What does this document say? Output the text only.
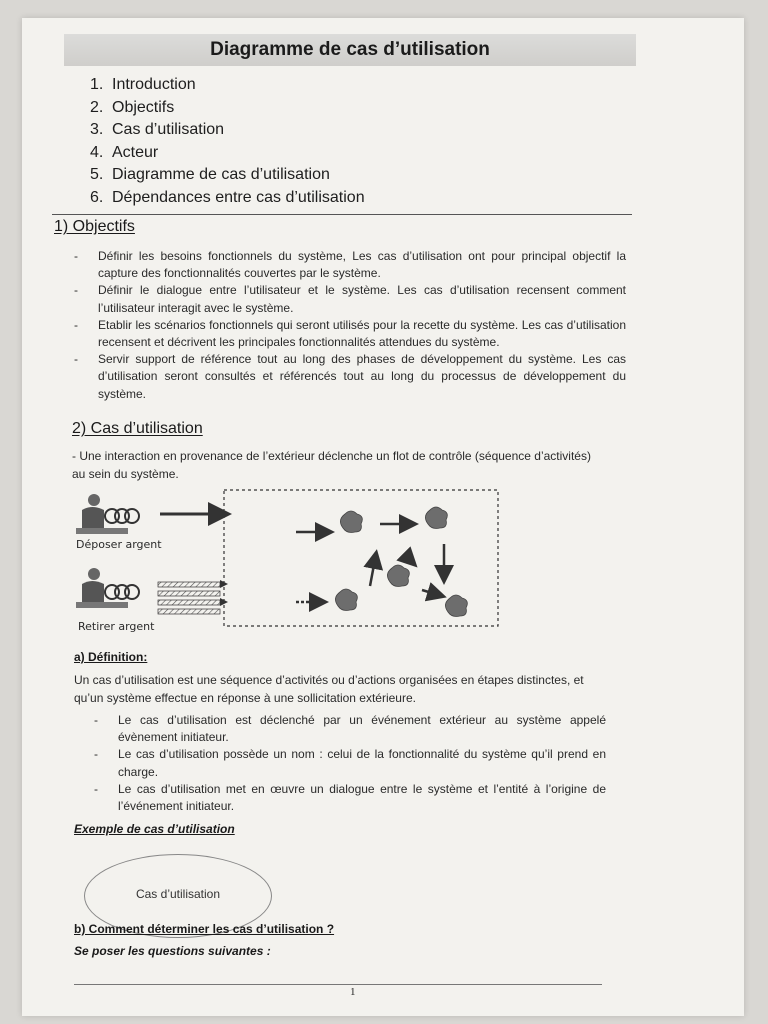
Diagramme de cas d’utilisation
1. Introduction
2. Objectifs
3. Cas d’utilisation
4. Acteur
5. Diagramme de cas d’utilisation
6. Dépendances entre cas d’utilisation
1) Objectifs
- Définir les besoins fonctionnels du système, Les cas d’utilisation ont pour principal objectif la capture des fonctionnalités couvertes par le système.
- Définir le dialogue entre l’utilisateur et le système. Les cas d’utilisation recensent comment l’utilisateur interagit avec le système.
- Etablir les scénarios fonctionnels qui seront utilisés pour la recette du système. Les cas d’utilisation recensent et décrivent les principales fonctionnalités attendues du système.
- Servir support de référence tout au long des phases de développement du système. Les cas d’utilisation seront consultés et référencés tout au long du processus de développement du système.
2) Cas d’utilisation
- Une interaction en provenance de l’extérieur déclenche un flot de contrôle (séquence d’activités) au sein du système.
Déposer argent
Retirer argent
a) Définition:
Un cas d’utilisation est une séquence d’activités ou d’actions organisées en étapes distinctes, et qu’un système effectue en réponse à une sollicitation extérieure.
- Le cas d’utilisation est déclenché par un événement extérieur au système appelé évènement initiateur.
- Le cas d’utilisation possède un nom : celui de la fonctionnalité du système qu’il prend en charge.
- Le cas d’utilisation met en œuvre un dialogue entre le système et l’entité à l’origine de l’événement initiateur.
Exemple de cas d’utilisation
Cas d’utilisation
b) Comment déterminer les cas d’utilisation ?
Se poser les questions suivantes :
1
